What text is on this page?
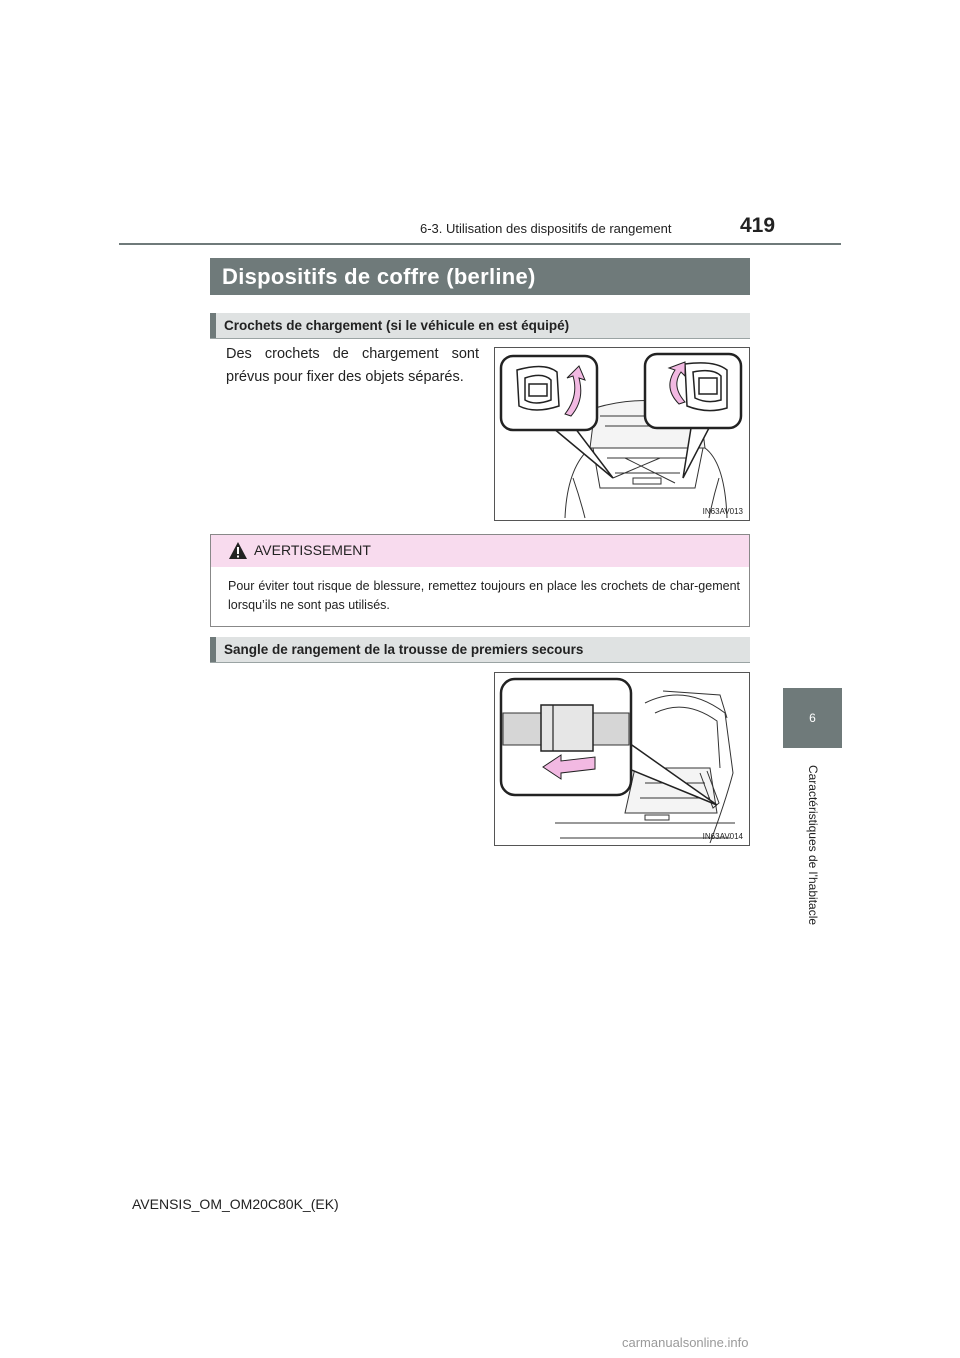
6-3. Utilisation des dispositifs de rangement	419
6
Caractéristiques de l’habitacle
Dispositifs de coffre (berline)
Crochets de chargement (si le véhicule en est équipé)
Des crochets de chargement sont prévus pour fixer des objets séparés.
IN63AV013
AVERTISSEMENT
Pour éviter tout risque de blessure, remettez toujours en place les crochets de char-gement lorsqu’ils ne sont pas utilisés.
Sangle de rangement de la trousse de premiers secours
IN63AV014
AVENSIS_OM_OM20C80K_(EK)
carmanualsonline.info
